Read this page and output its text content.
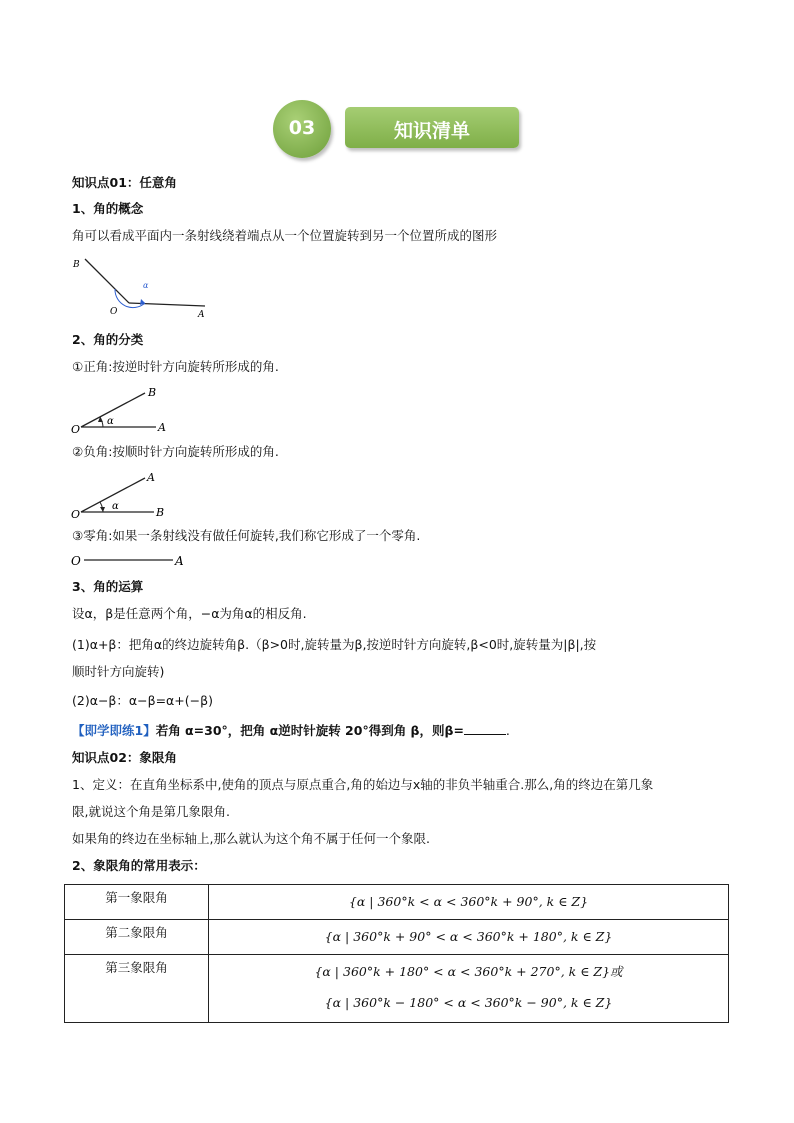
03	知识清单
知识点01：任意角
1、角的概念
角可以看成平面内一条射线绕着端点从一个位置旋转到另一个位置所成的图形
B
O	A
α
2、角的分类
①正角:按逆时针方向旋转所形成的角.
O
B
A
α
②负角:按顺时针方向旋转所形成的角.
O
A
B
α
③零角:如果一条射线没有做任何旋转,我们称它形成了一个零角.
O	A
3、角的运算
设α，β是任意两个角，−α为角α的相反角.
(1)α+β：把角α的终边旋转角β.（β>0时,旋转量为β,按逆时针方向旋转,β<0时,旋转量为|β|,按
顺时针方向旋转)
(2)α−β：α−β=α+(−β)
【即学即练1】若角 α=30°，把角 α逆时针旋转 20°得到角 β，则β=	.
知识点02：象限角
1、定义：在直角坐标系中,使角的顶点与原点重合,角的始边与x轴的非负半轴重合.那么,角的终边在第几象
限,就说这个角是第几象限角.
如果角的终边在坐标轴上,那么就认为这个角不属于任何一个象限.
2、象限角的常用表示：
第一象限角	{α | 360°k < α < 360°k + 90°, k ∈ Z}

第二象限角	{α | 360°k + 90° < α < 360°k + 180°, k ∈ Z}

第三象限角	{α | 360°k + 180° < α < 360°k + 270°, k ∈ Z}或
{α | 360°k − 180° < α < 360°k − 90°, k ∈ Z}
